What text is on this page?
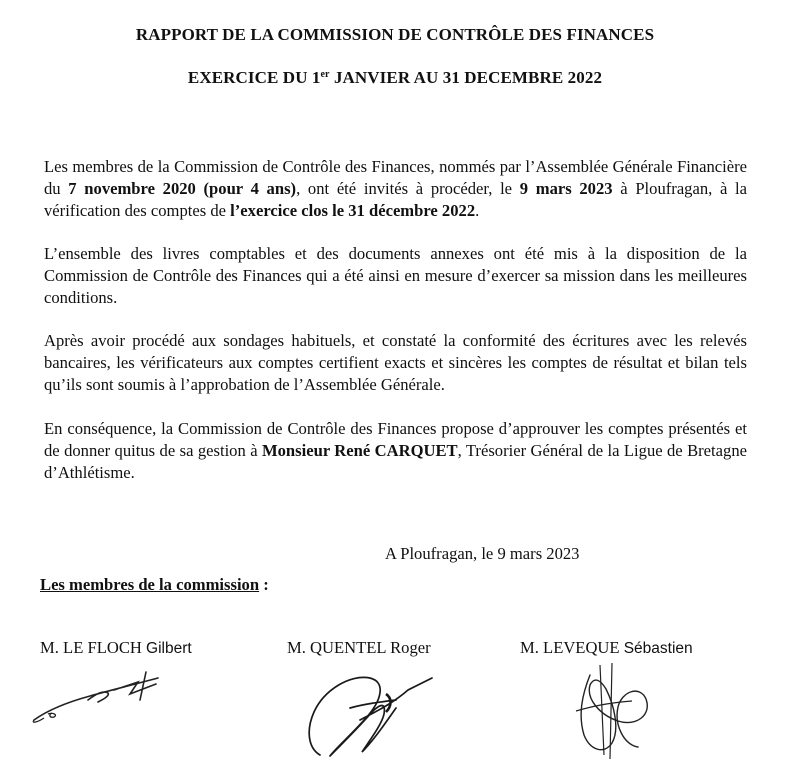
RAPPORT DE LA COMMISSION DE CONTRÔLE DES FINANCES
EXERCICE DU 1er JANVIER AU 31 DECEMBRE 2022
Les membres de la Commission de Contrôle des Finances, nommés par l’Assemblée Générale Financière du 7 novembre 2020 (pour 4 ans), ont été invités à procéder, le 9 mars 2023 à Ploufragan, à la vérification des comptes de l’exercice clos le 31 décembre 2022.
L’ensemble des livres comptables et des documents annexes ont été mis à la disposition de la Commission de Contrôle des Finances qui a été ainsi en mesure d’exercer sa mission dans les meilleures conditions.
Après avoir procédé aux sondages habituels, et constaté la conformité des écritures avec les relevés bancaires, les vérificateurs aux comptes certifient exacts et sincères les comptes de résultat et bilan tels qu’ils sont soumis à l’approbation de l’Assemblée Générale.
En conséquence, la Commission de Contrôle des Finances propose d’approuver les comptes présentés et de donner quitus de sa gestion à Monsieur René CARQUET, Trésorier Général de la Ligue de Bretagne d’Athlétisme.
A Ploufragan, le 9 mars 2023
Les membres de la commission :
M. LE FLOCH Gilbert	M. QUENTEL Roger	M. LEVEQUE Sébastien
